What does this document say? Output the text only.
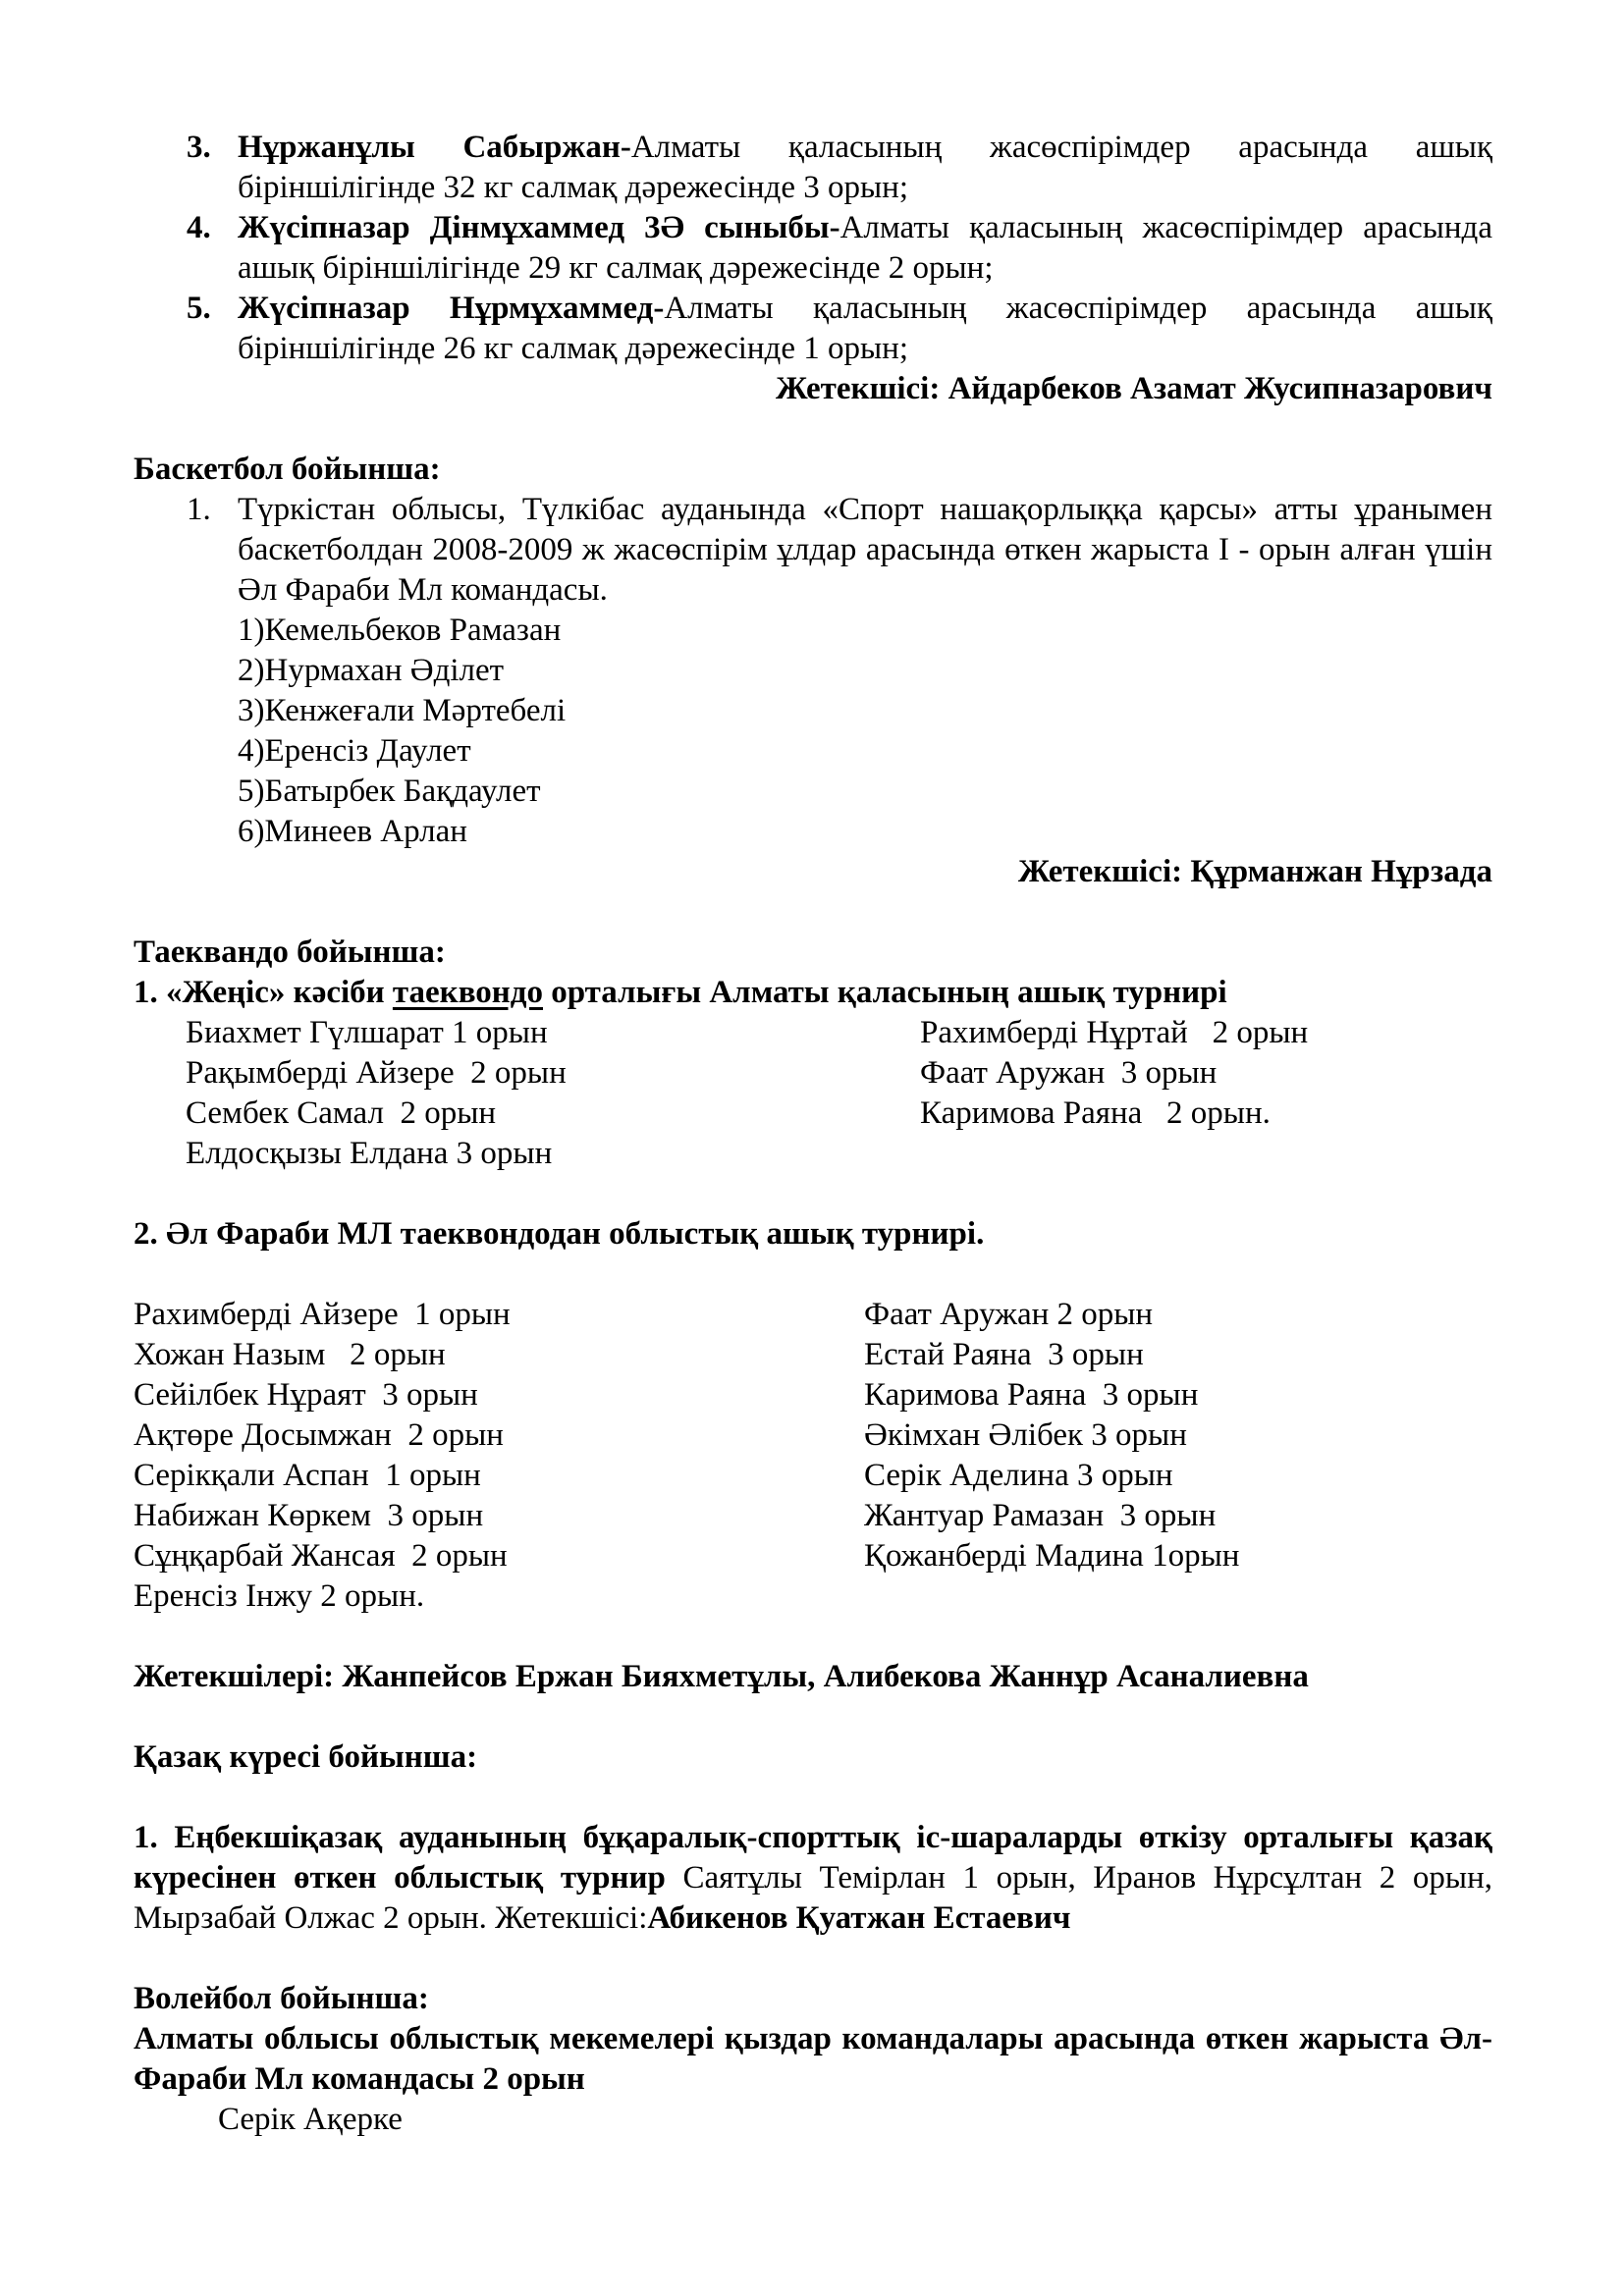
3. Нұржанұлы Сабыржан-Алматы қаласының жасөспірімдер арасында ашық біріншілігінде 32 кг салмақ дәрежесінде 3 орын;

4. Жүсіпназар Дінмұхаммед 3Ә сыныбы-Алматы қаласының жасөспірімдер арасында ашық біріншілігінде 29 кг салмақ дәрежесінде 2 орын;

5. Жүсіпназар Нұрмұхаммед-Алматы қаласының жасөспірімдер арасында ашық біріншілігінде 26 кг салмақ дәрежесінде 1 орын;

Жетекшісі: Айдарбеков Азамат Жусипназарович

Баскетбол бойынша:

1. Түркістан облысы, Түлкібас ауданында «Спорт нашақорлыққа қарсы» атты ұранымен баскетболдан 2008-2009 ж жасөспірім ұлдар арасында өткен жарыста I - орын алған үшін Әл Фараби Мл командасы.

1)Кемельбеков Рамазан
2)Нурмахан Әділет
3)Кенжеғали Мәртебелі
4)Еренсіз Даулет
5)Батырбек Бақдаулет
6)Минеев Арлан

Жетекшісі: Құрманжан Нұрзада

Таеквандо бойынша:

1. «Жеңіс» кәсіби таеквондо орталығы Алматы қаласының ашық турнирі

Биахмет Гүлшарат 1 орын	Рахимберді Нұртай   2 орын
Рақымберді Айзере  2 орын	Фаат Аружан  3 орын
Сембек Самал  2 орын	Каримова Раяна   2 орын.
Елдосқызы Елдана 3 орын

2. Әл Фараби МЛ таеквондодан облыстық ашық турнирі.

Рахимберді Айзере  1 орын	Фаат Аружан 2 орын
Хожан Назым   2 орын	Естай Раяна  3 орын
Сейілбек Нұраят  3 орын	Каримова Раяна  3 орын
Ақтөре Досымжан  2 орын	Әкімхан Әлібек 3 орын
Серікқали Аспан  1 орын	Серік Аделина 3 орын
Набижан Көркем  3 орын	Жантуар Рамазан  3 орын
Сұңқарбай Жансая  2 орын	Қожанберді Мадина 1орын
Еренсіз Інжу 2 орын.

Жетекшілері: Жанпейсов Ержан Бияхметұлы, Алибекова Жаннұр Асаналиевна

Қазақ күресі бойынша:

1. Еңбекшіқазақ ауданының бұқаралық-спорттық іс-шараларды өткізу орталығы қазақ күресінен өткен облыстық турнир Саятұлы Темірлан 1 орын, Иранов Нұрсұлтан 2 орын, Мырзабай Олжас 2 орын. Жетекшісі:Абикенов Қуатжан Естаевич

Волейбол бойынша:

Алматы облысы облыстық мекемелері қыздар командалары арасында өткен жарыста Әл-Фараби Мл командасы 2 орын

Серік Ақерке
